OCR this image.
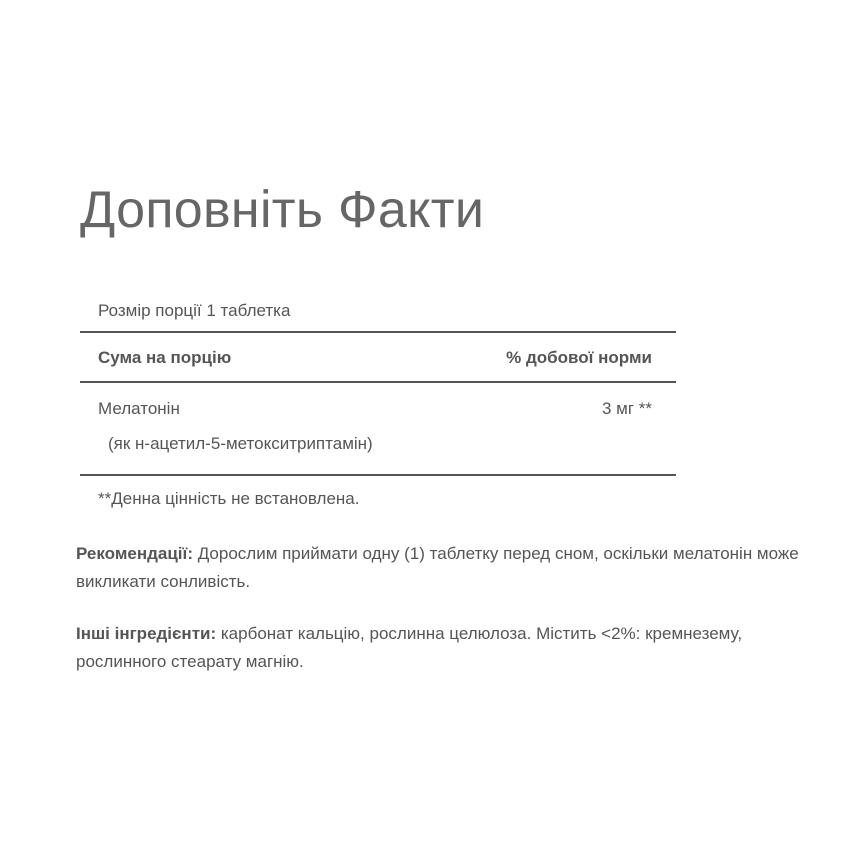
Доповніть Факти
Розмір порції 1 таблетка
Сума на порцію	% добової норми
Мелатонін	3 мг **
(як н-ацетил-5-метокситриптамін)
**Денна цінність не встановлена.

Рекомендації: Дорослим приймати одну (1) таблетку перед сном, оскільки мелатонін може викликати сонливість.

Інші інгредієнти: карбонат кальцію, рослинна целюлоза. Містить <2%: кремнезему, рослинного стеарату магнію.
